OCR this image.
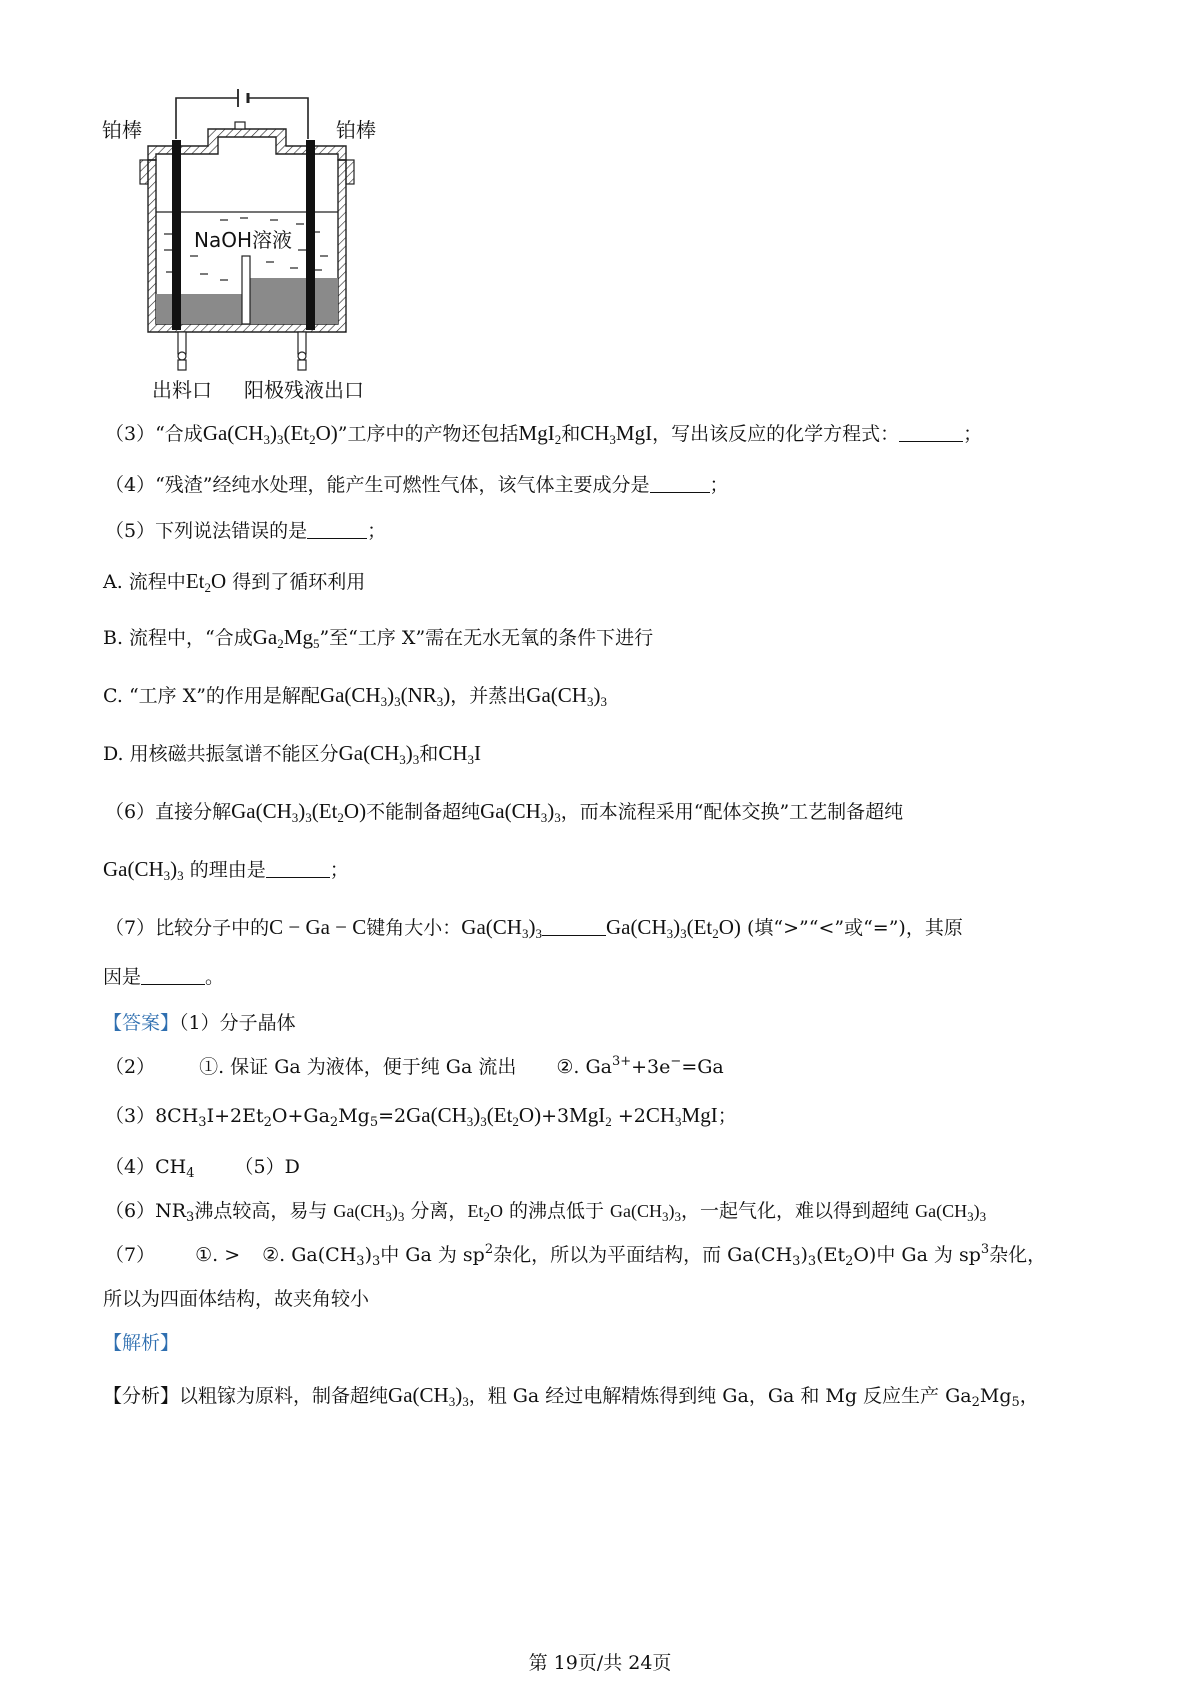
铂棒	铂棒
NaOH溶液
出料口 阳极残液出口
（3）“合成$Ga(CH_3)_3(Et_2O)$”工序中的产物还包括MgI$_2$和$CH_3MgI$，写出该反应的化学方程式：	；
（4）“残渣”经纯水处理，能产生可燃性气体，该气体主要成分是	；
（5）下列说法错误的是	；
A. 流程中$Et_2O$ 得到了循环利用
B. 流程中，“合成$Ga_2Mg_5$”至“工序 X”需在无水无氧的条件下进行
C. “工序 X”的作用是解配$Ga(CH_3)_3(NR_3)$，并蒸出$Ga(CH_3)_3$
D. 用核磁共振氢谱不能区分$Ga(CH_3)_3$和$CH_3I$
（6）直接分解$Ga(CH_3)_3(Et_2O)$不能制备超纯$Ga(CH_3)_3$，而本流程采用“配体交换”工艺制备超纯
$Ga(CH_3)_3$ 的理由是	；
（7）比较分子中的C − Ga − C键角大小：$Ga(CH_3)_3$	$Ga(CH_3)_3(Et_2O)$ (填“>”“<”或“=”)，其原
因是	。
【答案】（1）分子晶体
（2） ①. 保证 Ga 为液体，便于纯 Ga 流出 ②. $Ga^{3+}+3e^-=Ga$
$(3)8CH_3I+2Et_2O+Ga_2Mg_5=2Ga(CH_3)_3(Et_2O)+3MgI_2 +2CH_3MgI$；
$(4)CH_4$ （5）D
$(6)NR_3$沸点较高，易与 $Ga(CH_3)_3$ 分离，$Et_2O$ 的沸点低于 $Ga(CH_3)_3$，一起气化，难以得到超纯 $Ga(CH_3)_3$
（7） ①. > ②. $Ga(CH_3)_3$中 Ga 为 $sp^2$杂化，所以为平面结构，而 $Ga(CH_3)_3(Et_2O)$中 Ga 为 $sp^3$杂化，
所以为四面体结构，故夹角较小
【解析】
【分析】以粗镓为原料，制备超纯$Ga(CH_3)_3$，粗 Ga 经过电解精炼得到纯 Ga，Ga 和 Mg 反应生产 $Ga_2Mg_5$，
第 19页/共 24页
